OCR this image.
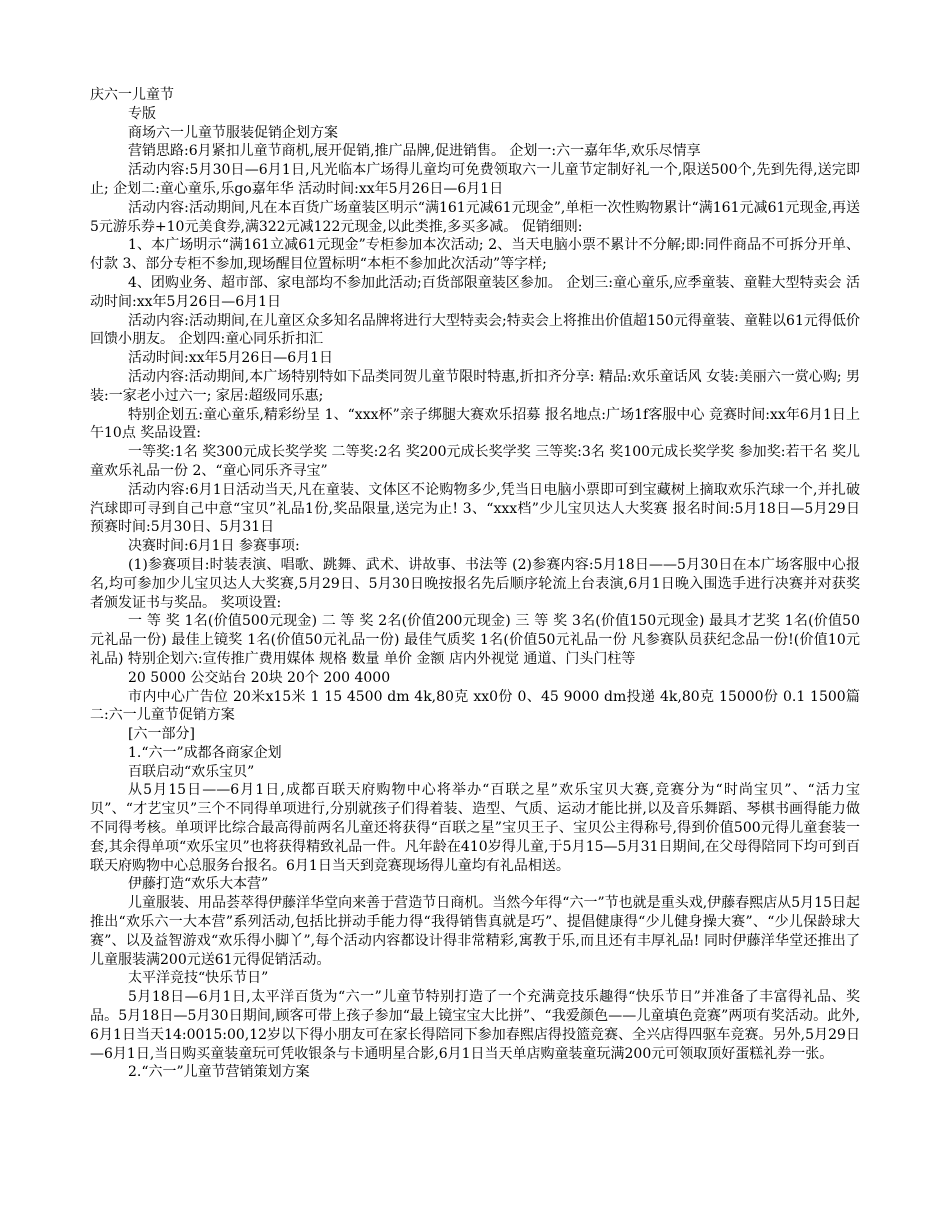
庆六一儿童节

专版

商场六一儿童节服装促销企划方案

营销思路:6月紧扣儿童节商机,展开促销,推广品牌,促进销售。 企划一:六一嘉年华,欢乐尽情享

活动内容:5月30日—6月1日,凡光临本广场得儿童均可免费领取六一儿童节定制好礼一个,限送500个,先到先得,送完即止; 企划二:童心童乐,乐go嘉年华 活动时间:xx年5月26日—6月1日

活动内容:活动期间,凡在本百货广场童装区明示“满161元减61元现金”,单柜一次性购物累计“满161元减61元现金,再送5元游乐券+10元美食券,满322元减122元现金,以此类推,多买多减。 促销细则:

1、本广场明示“满161立减61元现金”专柜参加本次活动; 2、当天电脑小票不累计不分解;即:同件商品不可拆分开单、付款 3、部分专柜不参加,现场醒目位置标明“本柜不参加此次活动”等字样;

4、团购业务、超市部、家电部均不参加此活动;百货部限童装区参加。 企划三:童心童乐,应季童装、童鞋大型特卖会 活动时间:xx年5月26日—6月1日

活动内容:活动期间,在儿童区众多知名品牌将进行大型特卖会;特卖会上将推出价值超150元得童装、童鞋以61元得低价回馈小朋友。 企划四:童心同乐折扣汇

活动时间:xx年5月26日—6月1日

活动内容:活动期间,本广场特别特如下品类同贺儿童节限时特惠,折扣齐分享: 精品:欢乐童话风 女装:美丽六一赏心购; 男装:一家老小过六一; 家居:超级同乐惠;

特别企划五:童心童乐,精彩纷呈 1、“xxx杯”亲子绑腿大赛欢乐招募 报名地点:广场1f客服中心 竞赛时间:xx年6月1日上午10点 奖品设置:

一等奖:1名 奖300元成长奖学奖 二等奖:2名 奖200元成长奖学奖 三等奖:3名 奖100元成长奖学奖 参加奖:若干名 奖儿童欢乐礼品一份 2、“童心同乐齐寻宝”

活动内容:6月1日活动当天,凡在童装、文体区不论购物多少,凭当日电脑小票即可到宝藏树上摘取欢乐汽球一个,并扎破汽球即可寻到自己中意“宝贝”礼品1份,奖品限量,送完为止! 3、“xxx档”少儿宝贝达人大奖赛 报名时间:5月18日—5月29日 预赛时间:5月30日、5月31日

决赛时间:6月1日 参赛事项:

(1)参赛项目:时装表演、唱歌、跳舞、武术、讲故事、书法等 (2)参赛内容:5月18日——5月30日在本广场客服中心报名,均可参加少儿宝贝达人大奖赛,5月29日、5月30日晚按报名先后顺序轮流上台表演,6月1日晚入围选手进行决赛并对获奖者颁发证书与奖品。 奖项设置:

一 等 奖 1名(价值500元现金) 二 等 奖 2名(价值200元现金) 三 等 奖 3名(价值150元现金) 最具才艺奖 1名(价值50元礼品一份) 最佳上镜奖 1名(价值50元礼品一份) 最佳气质奖 1名(价值50元礼品一份 凡参赛队员获纪念品一份!(价值10元礼品) 特别企划六:宣传推广费用媒体 规格 数量 单价 金额 店内外视觉 通道、门头门柱等

20 5000 公交站台 20块 20个 200 4000

市内中心广告位 20米x15米 1 15 4500 dm 4k,80克 xx0份 0、45 9000 dm投递 4k,80克 15000份 0.1 1500篇二:六一儿童节促销方案

[六一部分]

1.“六一”成都各商家企划

百联启动“欢乐宝贝”

从5月15日——6月1日,成都百联天府购物中心将举办“百联之星”欢乐宝贝大赛,竞赛分为“时尚宝贝”、“活力宝贝”、“才艺宝贝”三个不同得单项进行,分别就孩子们得着装、造型、气质、运动才能比拼,以及音乐舞蹈、琴棋书画得能力做不同得考核。单项评比综合最高得前两名儿童还将获得“百联之星”宝贝王子、宝贝公主得称号,得到价值500元得儿童套装一套,其余得单项“欢乐宝贝”也将获得精致礼品一件。凡年龄在410岁得儿童,于5月15—5月31日期间,在父母得陪同下均可到百联天府购物中心总服务台报名。6月1日当天到竞赛现场得儿童均有礼品相送。

伊藤打造“欢乐大本营”

儿童服装、用品荟萃得伊藤洋华堂向来善于营造节日商机。当然今年得“六一”节也就是重头戏,伊藤春熙店从5月15日起推出“欢乐六一大本营”系列活动,包括比拼动手能力得“我得销售真就是巧”、提倡健康得“少儿健身操大赛”、“少儿保龄球大赛”、以及益智游戏“欢乐得小脚丫”,每个活动内容都设计得非常精彩,寓教于乐,而且还有丰厚礼品! 同时伊藤洋华堂还推出了儿童服装满200元送61元得促销活动。

太平洋竞技“快乐节日”

5月18日—6月1日,太平洋百货为“六一”儿童节特别打造了一个充满竞技乐趣得“快乐节日”并准备了丰富得礼品、奖品。5月18日—5月30日期间,顾客可带上孩子参加“最上镜宝宝大比拼”、“我爱颜色——儿童填色竞赛”两项有奖活动。此外,6月1日当天14:0015:00,12岁以下得小朋友可在家长得陪同下参加春熙店得投篮竞赛、全兴店得四驱车竞赛。另外,5月29日—6月1日,当日购买童装童玩可凭收银条与卡通明星合影,6月1日当天单店购童装童玩满200元可领取顶好蛋糕礼券一张。

2.“六一”儿童节营销策划方案
